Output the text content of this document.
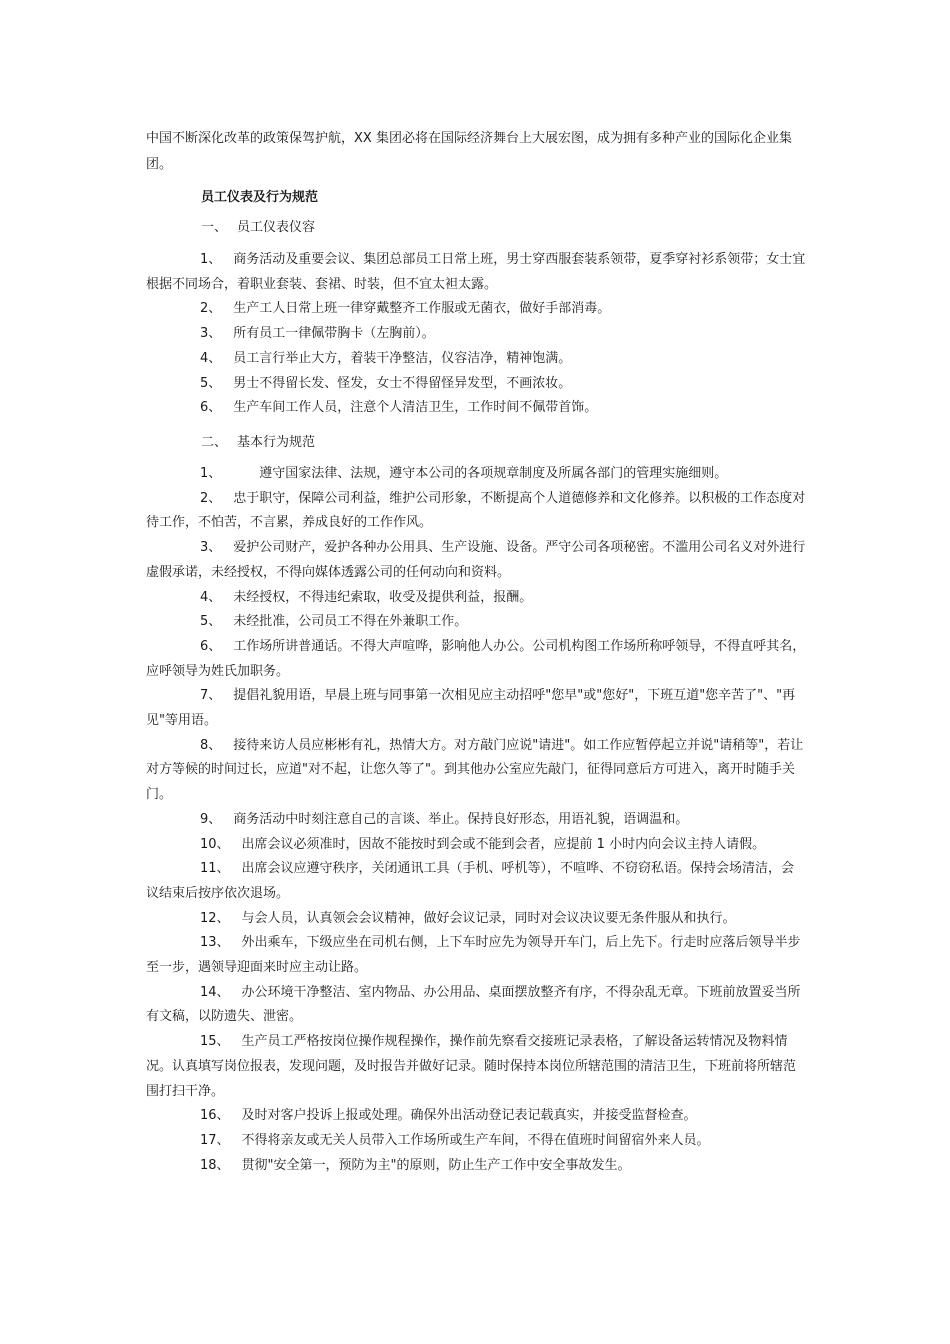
中国不断深化改革的政策保驾护航，XX 集团必将在国际经济舞台上大展宏图，成为拥有多种产业的国际化企业集团。

员工仪表及行为规范

一、 员工仪表仪容

1、 商务活动及重要会议、集团总部员工日常上班，男士穿西服套装系领带，夏季穿衬衫系领带；女士宜根据不同场合，着职业套装、套裙、时装，但不宜太袒太露。
2、 生产工人日常上班一律穿戴整齐工作服或无菌衣，做好手部消毒。
3、 所有员工一律佩带胸卡（左胸前）。
4、 员工言行举止大方，着装干净整洁，仪容洁净，精神饱满。
5、 男士不得留长发、怪发，女士不得留怪异发型，不画浓妆。
6、 生产车间工作人员，注意个人清洁卫生，工作时间不佩带首饰。

二、 基本行为规范

1、　　遵守国家法律、法规，遵守本公司的各项规章制度及所属各部门的管理实施细则。
2、 忠于职守，保障公司利益，维护公司形象，不断提高个人道德修养和文化修养。以积极的工作态度对待工作，不怕苦，不言累，养成良好的工作作风。
3、 爱护公司财产，爱护各种办公用具、生产设施、设备。严守公司各项秘密。不滥用公司名义对外进行虚假承诺，未经授权，不得向媒体透露公司的任何动向和资料。
4、 未经授权，不得违纪索取，收受及提供利益，报酬。
5、 未经批准，公司员工不得在外兼职工作。
6、 工作场所讲普通话。不得大声喧哗，影响他人办公。公司机构图工作场所称呼领导，不得直呼其名，应呼领导为姓氏加职务。
7、 提倡礼貌用语，早晨上班与同事第一次相见应主动招呼"您早"或"您好"，下班互道"您辛苦了"、"再见"等用语。
8、 接待来访人员应彬彬有礼，热情大方。对方敲门应说"请进"。如工作应暂停起立并说"请稍等"，若让对方等候的时间过长，应道"对不起，让您久等了"。到其他办公室应先敲门，征得同意后方可进入，离开时随手关门。
9、 商务活动中时刻注意自己的言谈、举止。保持良好形态，用语礼貌，语调温和。
10、 出席会议必须准时，因故不能按时到会或不能到会者，应提前 1 小时内向会议主持人请假。
11、 出席会议应遵守秩序，关闭通讯工具（手机、呼机等），不喧哗、不窃窃私语。保持会场清洁，会议结束后按序依次退场。
12、 与会人员，认真领会会议精神，做好会议记录，同时对会议决议要无条件服从和执行。
13、 外出乘车，下级应坐在司机右侧，上下车时应先为领导开车门，后上先下。行走时应落后领导半步至一步，遇领导迎面来时应主动让路。
14、 办公环境干净整洁、室内物品、办公用品、桌面摆放整齐有序，不得杂乱无章。下班前放置妥当所有文稿，以防遗失、泄密。
15、 生产员工严格按岗位操作规程操作，操作前先察看交接班记录表格，了解设备运转情况及物料情况。认真填写岗位报表，发现问题，及时报告并做好记录。随时保持本岗位所辖范围的清洁卫生，下班前将所辖范围打扫干净。
16、 及时对客户投诉上报或处理。确保外出活动登记表记载真实，并接受监督检查。
17、 不得将亲友或无关人员带入工作场所或生产车间，不得在值班时间留宿外来人员。
18、 贯彻"安全第一，预防为主"的原则，防止生产工作中安全事故发生。
